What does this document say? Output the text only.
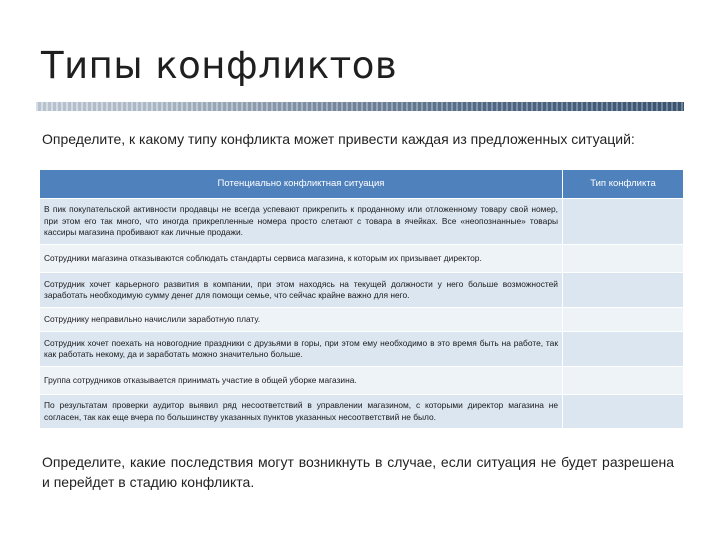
Типы конфликтов
Определите, к какому типу конфликта может привести каждая из предложенных ситуаций:
Потенциально конфликтная ситуация	Тип конфликта
В пик покупательской активности продавцы не всегда успевают прикрепить к проданному или отложенному товару свой номер, при этом его так много, что иногда прикрепленные номера просто слетают с товара в ячейках. Все «неопознанные» товары кассиры магазина пробивают как личные продажи.	
Сотрудники магазина отказываются соблюдать стандарты сервиса магазина, к которым их призывает директор.	
Сотрудник хочет карьерного развития в компании, при этом находясь на текущей должности у него больше возможностей заработать необходимую сумму денег для помощи семье, что сейчас крайне важно для него.	
Сотруднику неправильно начислили заработную плату.	
Сотрудник хочет поехать на новогодние праздники с друзьями в горы, при этом ему необходимо в это время быть на работе, так как работать некому, да и заработать можно значительно больше.	
Группа сотрудников отказывается принимать участие в общей уборке магазина.	
По результатам проверки аудитор выявил ряд несоответствий в управлении магазином, с которыми директор магазина не согласен, так как еще вчера по большинству указанных пунктов указанных несоответствий не было.	
Определите, какие последствия могут возникнуть в случае, если ситуация не будет разрешена и перейдет в стадию конфликта.
